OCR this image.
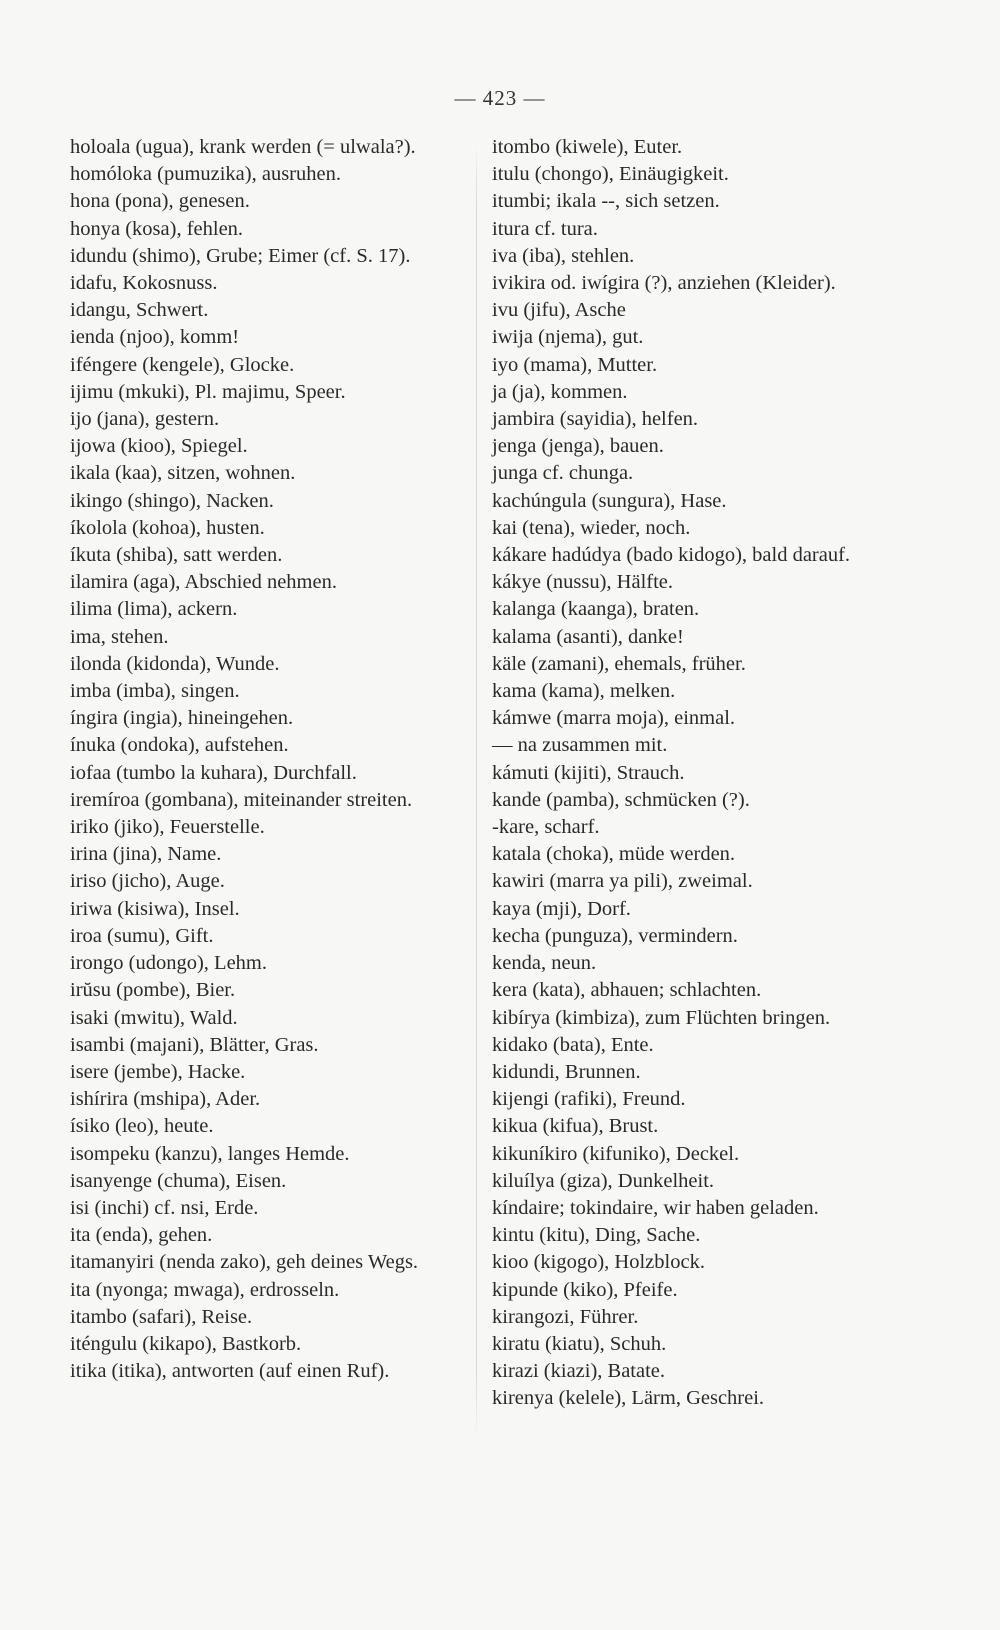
— 423 —
holoala (ugua), krank werden (= ulwala?).
homóloka (pumuzika), ausruhen.
hona (pona), genesen.
honya (kosa), fehlen.
idundu (shimo), Grube; Eimer (cf. S. 17).
idafu, Kokosnuss.
idangu, Schwert.
ienda (njoo), komm!
iféngere (kengele), Glocke.
ijimu (mkuki), Pl. majimu, Speer.
ijo (jana), gestern.
ijowa (kioo), Spiegel.
ikala (kaa), sitzen, wohnen.
ikingo (shingo), Nacken.
íkolola (kohoa), husten.
íkuta (shiba), satt werden.
ilamira (aga), Abschied nehmen.
ilima (lima), ackern.
ima, stehen.
ilonda (kidonda), Wunde.
imba (imba), singen.
íngira (ingia), hineingehen.
ínuka (ondoka), aufstehen.
iofaa (tumbo la kuhara), Durchfall.
iremíroa (gombana), miteinander streiten.
iriko (jiko), Feuerstelle.
irina (jina), Name.
iriso (jicho), Auge.
iriwa (kisiwa), Insel.
iroa (sumu), Gift.
irongo (udongo), Lehm.
irŭsu (pombe), Bier.
isaki (mwitu), Wald.
isambi (majani), Blätter, Gras.
isere (jembe), Hacke.
ishírira (mshipa), Ader.
ísiko (leo), heute.
isompeku (kanzu), langes Hemde.
isanyenge (chuma), Eisen.
isi (inchi) cf. nsi, Erde.
ita (enda), gehen.
itamanyiri (nenda zako), geh deines Wegs.
ita (nyonga; mwaga), erdrosseln.
itambo (safari), Reise.
iténgulu (kikapo), Bastkorb.
itika (itika), antworten (auf einen Ruf).
itombo (kiwele), Euter.
itulu (chongo), Einäugigkeit.
itumbi; ikala --, sich setzen.
itura cf. tura.
iva (iba), stehlen.
ivikira od. iwígira (?), anziehen (Kleider).
ivu (jifu), Asche
iwija (njema), gut.
iyo (mama), Mutter.
ja (ja), kommen.
jambira (sayidia), helfen.
jenga (jenga), bauen.
junga cf. chunga.
kachúngula (sungura), Hase.
kai (tena), wieder, noch.
kákare hadúdya (bado kidogo), bald darauf.
kákye (nussu), Hälfte.
kalanga (kaanga), braten.
kalama (asanti), danke!
käle (zamani), ehemals, früher.
kama (kama), melken.
kámwe (marra moja), einmal.
— na zusammen mit.
kámuti (kijiti), Strauch.
kande (pamba), schmücken (?).
-kare, scharf.
katala (choka), müde werden.
kawiri (marra ya pili), zweimal.
kaya (mji), Dorf.
kecha (punguza), vermindern.
kenda, neun.
kera (kata), abhauen; schlachten.
kibírya (kimbiza), zum Flüchten bringen.
kidako (bata), Ente.
kidundi, Brunnen.
kijengi (rafiki), Freund.
kikua (kifua), Brust.
kikuníkiro (kifuniko), Deckel.
kiluílya (giza), Dunkelheit.
kíndaire; tokindaire, wir haben geladen.
kintu (kitu), Ding, Sache.
kioo (kigogo), Holzblock.
kipunde (kiko), Pfeife.
kirangozi, Führer.
kiratu (kiatu), Schuh.
kirazi (kiazi), Batate.
kirenya (kelele), Lärm, Geschrei.
